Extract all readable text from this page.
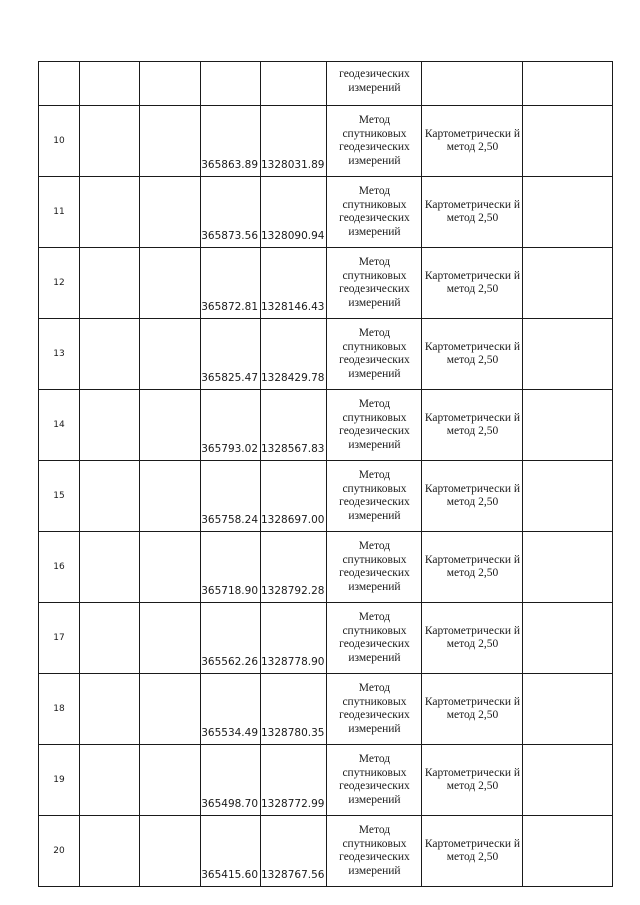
					геодезических измерений		
10			365863.89	1328031.89	Метод спутниковых геодезических измерений	Картометрически й метод 2,50	
11			365873.56	1328090.94	Метод спутниковых геодезических измерений	Картометрически й метод 2,50	
12			365872.81	1328146.43	Метод спутниковых геодезических измерений	Картометрически й метод 2,50	
13			365825.47	1328429.78	Метод спутниковых геодезических измерений	Картометрически й метод 2,50	
14			365793.02	1328567.83	Метод спутниковых геодезических измерений	Картометрически й метод 2,50	
15			365758.24	1328697.00	Метод спутниковых геодезических измерений	Картометрически й метод 2,50	
16			365718.90	1328792.28	Метод спутниковых геодезических измерений	Картометрически й метод 2,50	
17			365562.26	1328778.90	Метод спутниковых геодезических измерений	Картометрически й метод 2,50	
18			365534.49	1328780.35	Метод спутниковых геодезических измерений	Картометрически й метод 2,50	
19			365498.70	1328772.99	Метод спутниковых геодезических измерений	Картометрически й метод 2,50	
20			365415.60	1328767.56	Метод спутниковых геодезических измерений	Картометрически й метод 2,50	
